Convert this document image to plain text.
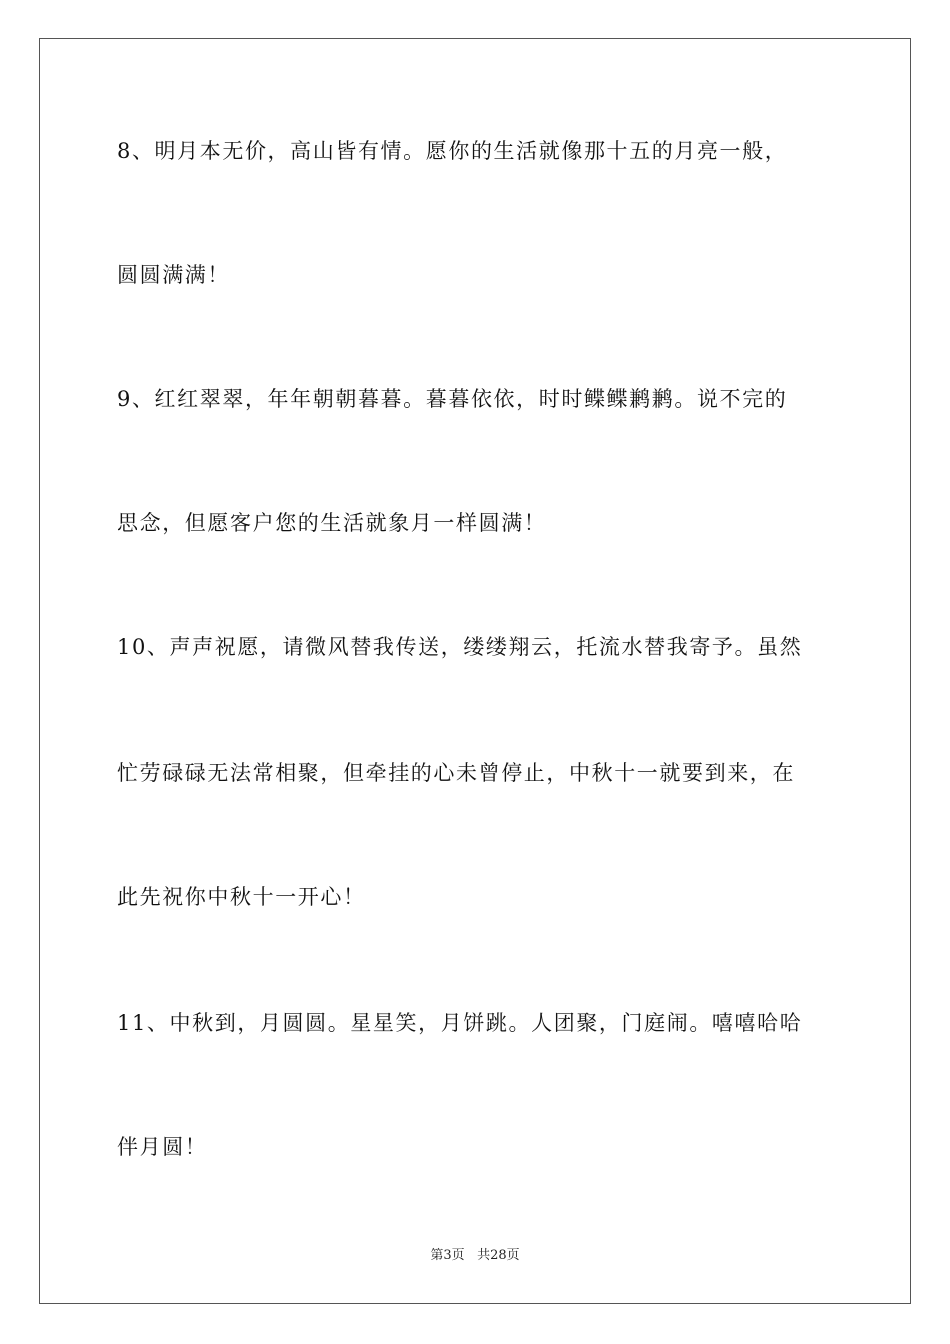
8、明月本无价，高山皆有情。愿你的生活就像那十五的月亮一般，
圆圆满满！
9、红红翠翠，年年朝朝暮暮。暮暮依依，时时鲽鲽鹣鹣。说不完的
思念，但愿客户您的生活就象月一样圆满！
10、声声祝愿，请微风替我传送，缕缕翔云，托流水替我寄予。虽然
忙劳碌碌无法常相聚，但牵挂的心未曾停止，中秋十一就要到来，在
此先祝你中秋十一开心！
11、中秋到，月圆圆。星星笑，月饼跳。人团聚，门庭闹。嘻嘻哈哈
伴月圆！
第3页 共28页
